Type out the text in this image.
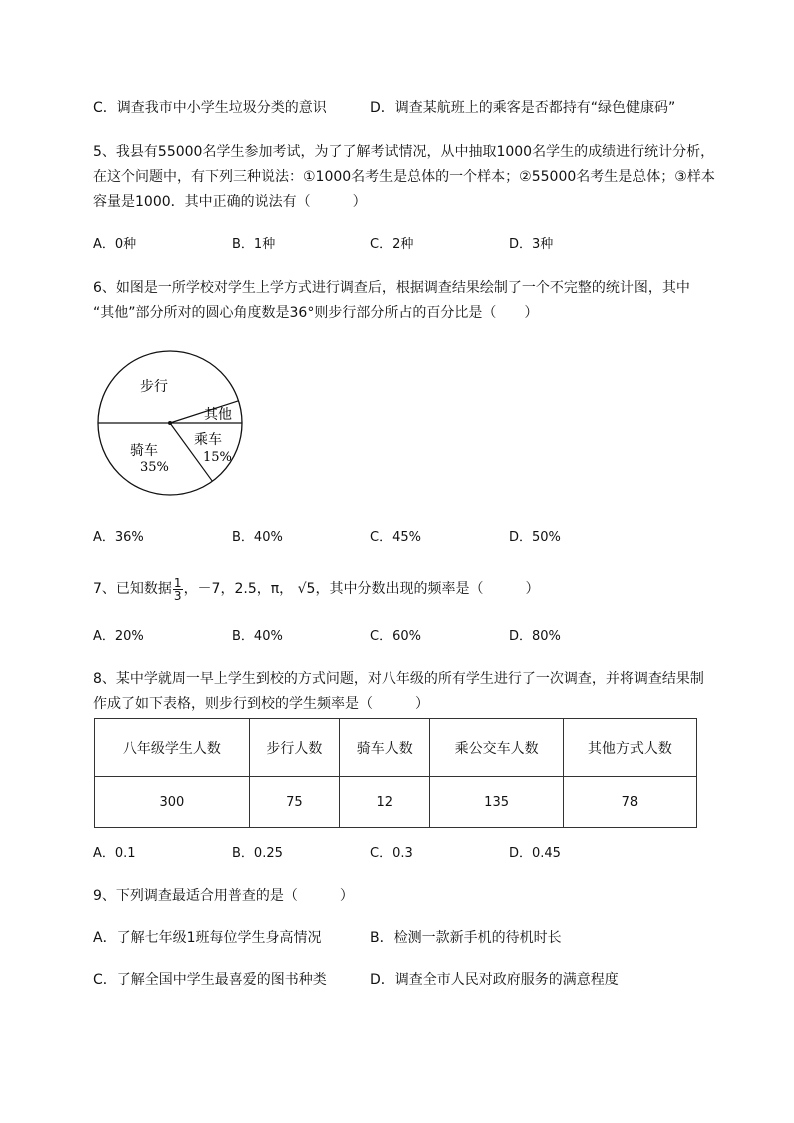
C．调查我市中小学生垃圾分类的意识	D．调查某航班上的乘客是否都持有“绿色健康码”
5、我县有55000名学生参加考试，为了了解考试情况，从中抽取1000名学生的成绩进行统计分析，
在这个问题中，有下列三种说法：①1000名考生是总体的一个样本；②55000名考生是总体；③样本
容量是1000．其中正确的说法有（　　　）
A．0种	B．1种	C．2种	D．3种
6、如图是一所学校对学生上学方式进行调查后，根据调查结果绘制了一个不完整的统计图，其中
“其他”部分所对的圆心角度数是36°则步行部分所占的百分比是（　　）
步行
其他
乘车
15%
骑车
35%
A．36%	B．40%	C．45%	D．50%
7、已知数据 $\frac{1}{3}$ ，－7，2.5，π， √5，其中分数出现的频率是（　　　）
A．20%	B．40%	C．60%	D．80%
8、某中学就周一早上学生到校的方式问题，对八年级的所有学生进行了一次调查，并将调查结果制
作成了如下表格，则步行到校的学生频率是（　　　）
八年级学生人数	步行人数	骑车人数	乘公交车人数	其他方式人数
300	75	12	135	78
A．0.1	B．0.25	C．0.3	D．0.45
9、下列调查最适合用普查的是（　　　）
A．了解七年级1班每位学生身高情况	B．检测一款新手机的待机时长
C．了解全国中学生最喜爱的图书种类	D．调查全市人民对政府服务的满意程度
